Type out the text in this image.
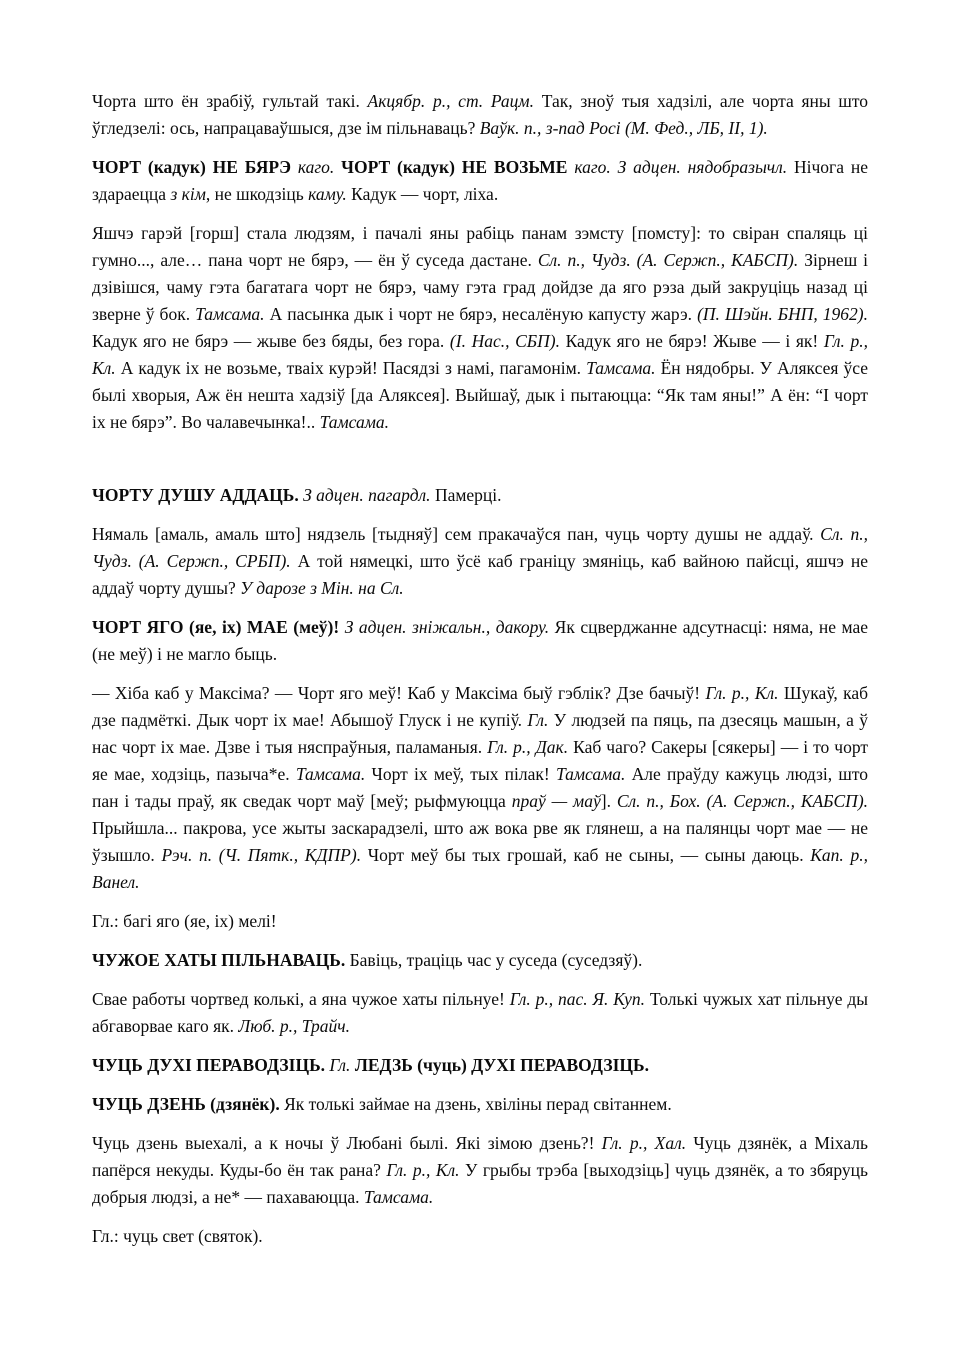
Чорта што ён зрабіў, гультай такі. Акцябр. р., ст. Рацм. Так, зноў тыя хадзілі, але чорта яны што ўгледзелі: ось, напрацаваўшыся, дзе ім пільнаваць? Ваўк. п., з-пад Росі (М. Фед., ЛБ, ІІ, 1).

ЧОРТ (кадук) НЕ БЯРЭ каго. ЧОРТ (кадук) НЕ ВОЗЬМЕ каго. З адцен. нядобразычл. Нічога не здараецца з кім, не шкодзіць каму. Кадук — чорт, ліха.

Яшчэ гарэй [горш] стала людзям, і пачалі яны рабіць панам зэмсту [помсту]: то свіран спаляць ці гумно..., але… пана чорт не бярэ, — ён ў суседа дастане. Сл. п., Чудз. (А. Сержп., КАБСП). Зірнеш і дзівішся, чаму гэта багатага чорт не бярэ, чаму гэта град дойдзе да яго рэза дый закруціць назад ці зверне ў бок. Тамсама. А пасынка дык і чорт не бярэ, несалёную капусту жарэ. (П. Шэйн. БНП, 1962). Кадук яго не бярэ — жыве без бяды, без гора. (І. Нас., СБП). Кадук яго не бярэ! Жыве — і як! Гл. р., Кл. А кадук іх не возьме, тваіх курэй! Пасядзі з намі, пагамонім. Тамсама. Ён нядобры. У Аляксея ўсе былі хворыя, Аж ён нешта хадзіў [да Аляксея]. Выйшаў, дык і пытаюцца: “Як там яны!” А ён: “І чорт іх не бярэ”. Во чалавечынка!.. Тамсама.

ЧОРТУ ДУШУ АДДАЦЬ. З адцен. пагардл. Памерці.

Нямаль [амаль, амаль што] нядзель [тыдняў] сем пракачаўся пан, чуць чорту душы не аддаў. Сл. п., Чудз. (А. Сержп., СРБП). А той нямецкі, што ўсё каб граніцу змяніць, каб вайною пайсці, яшчэ не аддаў чорту душы? У дарозе з Мін. на Сл.

ЧОРТ ЯГО (яе, іх) МАЕ (меў)! З адцен. зніжальн., дакору. Як сцверджанне адсутнасці: няма, не мае (не меў) і не магло быць.

— Хіба каб у Максіма? — Чорт яго меў! Каб у Максіма быў гэблік? Дзе бачыў! Гл. р., Кл. Шукаў, каб дзе падмёткі. Дык чорт іх мае! Абышоў Глуск і не купіў. Гл. У людзей па пяць, па дзесяць машын, а ў нас чорт іх мае. Дзве і тыя няспраўныя, паламаныя. Гл. р., Дак. Каб чаго? Сакеры [сякеры] — і то чорт яе мае, ходзіць, пазыча*е. Тамсама. Чорт іх меў, тых пілак! Тамсама. Але праўду кажуць людзі, што пан і тады праў, як сведак чорт маў [меў; рыфмуюцца праў — маў]. Сл. п., Бох. (А. Сержп., КАБСП). Прыйшла... пакрова, усе жыты заскарадзелі, што аж вока рве як глянеш, а на палянцы чорт мае — не ўзышло. Рэч. п. (Ч. Пятк., КДПР). Чорт меў бы тых грошай, каб не сыны, — сыны даюць. Кап. р., Ванел.

Гл.: багі яго (яе, іх) мелі!

ЧУЖОЕ ХАТЫ ПІЛЬНАВАЦЬ. Бавіць, траціць час у суседа (суседзяў).

Свае работы чортвед колькі, а яна чужое хаты пільнуе! Гл. р., пас. Я. Куп. Толькі чужых хат пільнуе ды абгаворвае каго як. Люб. р., Трайч.

ЧУЦЬ ДУХІ ПЕРАВОДЗІЦЬ. Гл. ЛЕДЗЬ (чуць) ДУХІ ПЕРАВОДЗІЦЬ.

ЧУЦЬ ДЗЕНЬ (дзянёк). Як толькі займае на дзень, хвіліны перад світаннем.

Чуць дзень выехалі, а к ночы ў Любані былі. Які зімою дзень?! Гл. р., Хал. Чуць дзянёк, а Міхаль папёрся некуды. Куды-бо ён так рана? Гл. р., Кл. У грыбы трэба [выходзіць] чуць дзянёк, а то збяруць добрыя людзі, а не* — пахаваюцца. Тамсама.

Гл.: чуць свет (святок).
